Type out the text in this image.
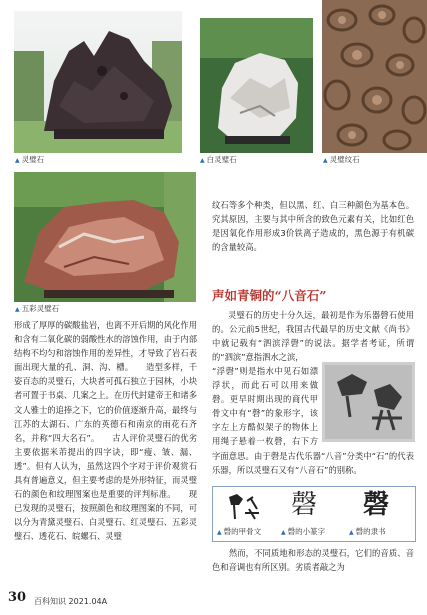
▲ 灵璧石	▲ 白灵璧石	▲ 灵璧纹石
▲ 五彩灵璧石
形成了厚厚的碳酸盐岩，也离不开后期的风化作用和含有二氧化碳的弱酸性水的溶蚀作用，由于内部结构不均匀和溶蚀作用的差异性，才导致了岩石表面出现大量的孔、洞、沟、槽。　　造型多样，千姿百态的灵璧石，大块者可孤石独立于园林，小块者可置于书桌、几案之上。在历代封建帝王和诸多文人雅士的追捧之下，它的价值逐渐升高，最终与江苏的太湖石、广东的英德石和南京的雨花石齐名，并称“四大名石”。　　古人评价灵璧石的优劣主要依据米芾提出的四字诀，即“瘦、皱、漏、透”。但有人认为，虽然这四个字对于评价观赏石具有普遍意义，但主要考虑的是外形特征，而灵璧石的颜色和纹理图案也是重要的评判标准。　　现已发现的灵璧石，按照颜色和纹理图案的不同，可以分为青黛灵璧石、白灵璧石、红灵璧石、五彩灵璧石、透花石、皖螺石、灵璧
纹石等多个种类，但以黑、红、白三种颜色为基本色。究其原因，主要与其中所含的致色元素有关，比如红色是因氧化作用形成3价铁离子造成的，黑色源于有机碳的含量较高。
声如青铜的“八音石”
灵璧石的历史十分久远，最初是作为乐器磬石使用的。公元前5世纪，我国古代最早的历史文献《尚书》中就记载有“泗滨浮磬”的说法。据学者考证，所谓的“泗滨”意指泗水之滨，
“浮磬”则是指水中见石如漂浮状，而此石可以用来做磬。更早时期出现的商代甲骨文中有“磬”的象形字，该字左上方酷似架子的物体上用绳子悬着一枚磬，右下方
字面意思。由于磬是古代乐器“八音”分类中“石”的代表乐器，所以灵璧石又有“八音石”的别称。
磬 磬
▲ 磬的甲骨文	▲ 磬的小篆字	▲ 磬的隶书
　　然而，不同质地和形态的灵璧石，它们的音质、音色和音调也有所区别。劣质者敲之为
30 百科知识 2021.04A
